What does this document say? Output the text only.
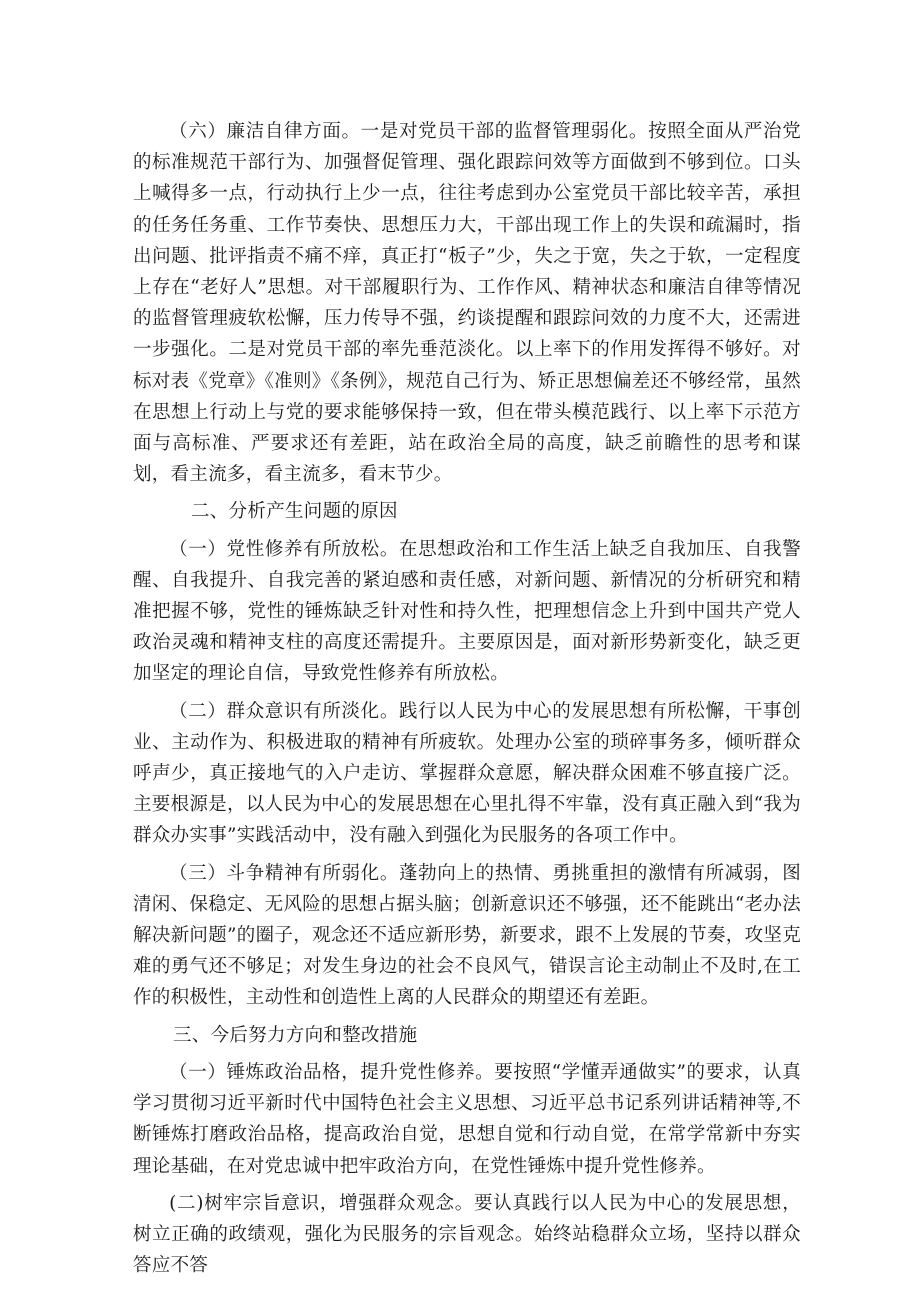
（六）廉洁自律方面。一是对党员干部的监督管理弱化。按照全面从严治党的标准规范干部行为、加强督促管理、强化跟踪问效等方面做到不够到位。口头上喊得多一点，行动执行上少一点，往往考虑到办公室党员干部比较辛苦，承担的任务任务重、工作节奏快、思想压力大，干部出现工作上的失误和疏漏时，指出问题、批评指责不痛不痒，真正打“板子”少，失之于宽，失之于软，一定程度上存在“老好人”思想。对干部履职行为、工作作风、精神状态和廉洁自律等情况的监督管理疲软松懈，压力传导不强，约谈提醒和跟踪问效的力度不大，还需进一步强化。二是对党员干部的率先垂范淡化。以上率下的作用发挥得不够好。对标对表《党章》《准则》《条例》，规范自己行为、矫正思想偏差还不够经常，虽然在思想上行动上与党的要求能够保持一致，但在带头模范践行、以上率下示范方面与高标准、严要求还有差距，站在政治全局的高度，缺乏前瞻性的思考和谋划，看主流多，看主流多，看末节少。

二、分析产生问题的原因

（一）党性修养有所放松。在思想政治和工作生活上缺乏自我加压、自我警醒、自我提升、自我完善的紧迫感和责任感，对新问题、新情况的分析研究和精准把握不够，党性的锤炼缺乏针对性和持久性，把理想信念上升到中国共产党人政治灵魂和精神支柱的高度还需提升。主要原因是，面对新形势新变化，缺乏更加坚定的理论自信，导致党性修养有所放松。

（二）群众意识有所淡化。践行以人民为中心的发展思想有所松懈，干事创业、主动作为、积极进取的精神有所疲软。处理办公室的琐碎事务多，倾听群众呼声少，真正接地气的入户走访、掌握群众意愿，解决群众困难不够直接广泛。主要根源是，以人民为中心的发展思想在心里扎得不牢靠，没有真正融入到“我为群众办实事”实践活动中，没有融入到强化为民服务的各项工作中。

（三）斗争精神有所弱化。蓬勃向上的热情、勇挑重担的激情有所减弱，图清闲、保稳定、无风险的思想占据头脑；创新意识还不够强，还不能跳出“老办法解决新问题”的圈子，观念还不适应新形势，新要求，跟不上发展的节奏，攻坚克难的勇气还不够足；对发生身边的社会不良风气，错误言论主动制止不及时,在工作的积极性，主动性和创造性上离的人民群众的期望还有差距。

三、今后努力方向和整改措施

（一）锤炼政治品格，提升党性修养。要按照“学懂弄通做实”的要求，认真学习贯彻习近平新时代中国特色社会主义思想、习近平总书记系列讲话精神等,不断锤炼打磨政治品格，提高政治自觉，思想自觉和行动自觉，在常学常新中夯实理论基础，在对党忠诚中把牢政治方向，在党性锤炼中提升党性修养。

(二)树牢宗旨意识，增强群众观念。要认真践行以人民为中心的发展思想，树立正确的政绩观，强化为民服务的宗旨观念。始终站稳群众立场，坚持以群众答应不答
